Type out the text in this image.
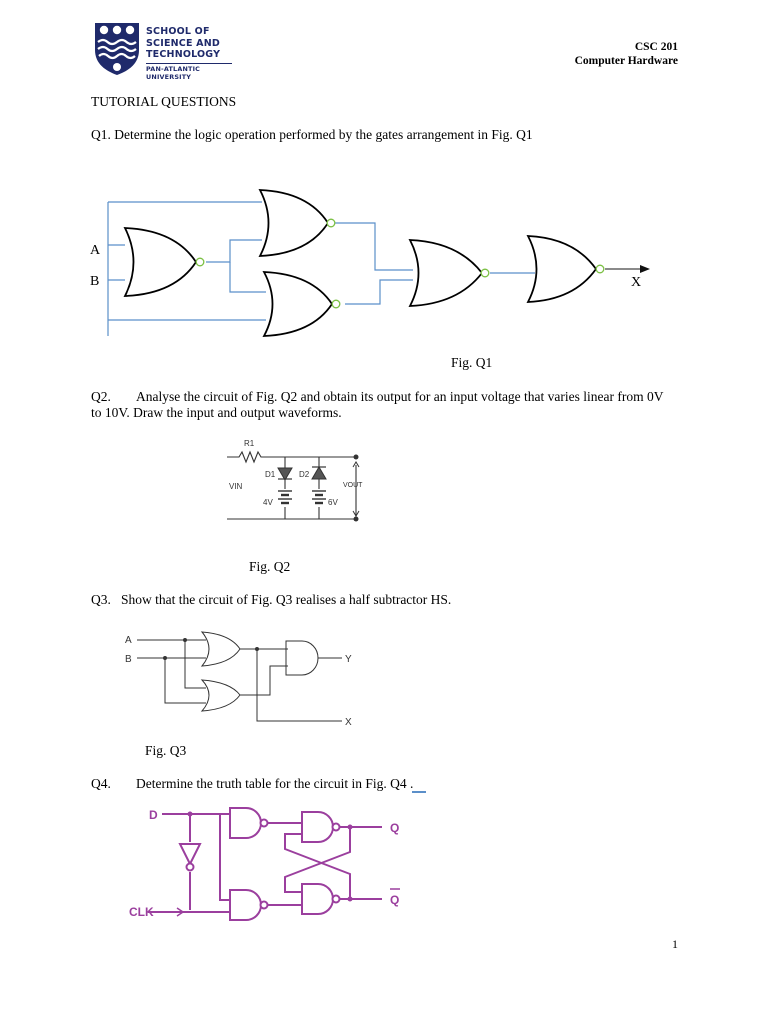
SCHOOL OF
SCIENCE AND
TECHNOLOGY
PAN-ATLANTIC UNIVERSITY
CSC 201
Computer Hardware
TUTORIAL QUESTIONS
Q1. Determine the logic operation performed by the gates arrangement in Fig. Q1
A
B	X
Fig. Q1
Q2. Analyse the circuit of Fig. Q2 and obtain its output for an input voltage that varies linear from 0V
to 10V. Draw the input and output waveforms.
R1
VIN
D1	D2
VOUT
4V	6V
Fig. Q2
Q3. Show that the circuit of Fig. Q3 realises a half subtractor HS.
A
B	Y
X
Fig. Q3
Q4. Determine the truth table for the circuit in Fig. Q4 .
D
CLK
Q
Q
1
